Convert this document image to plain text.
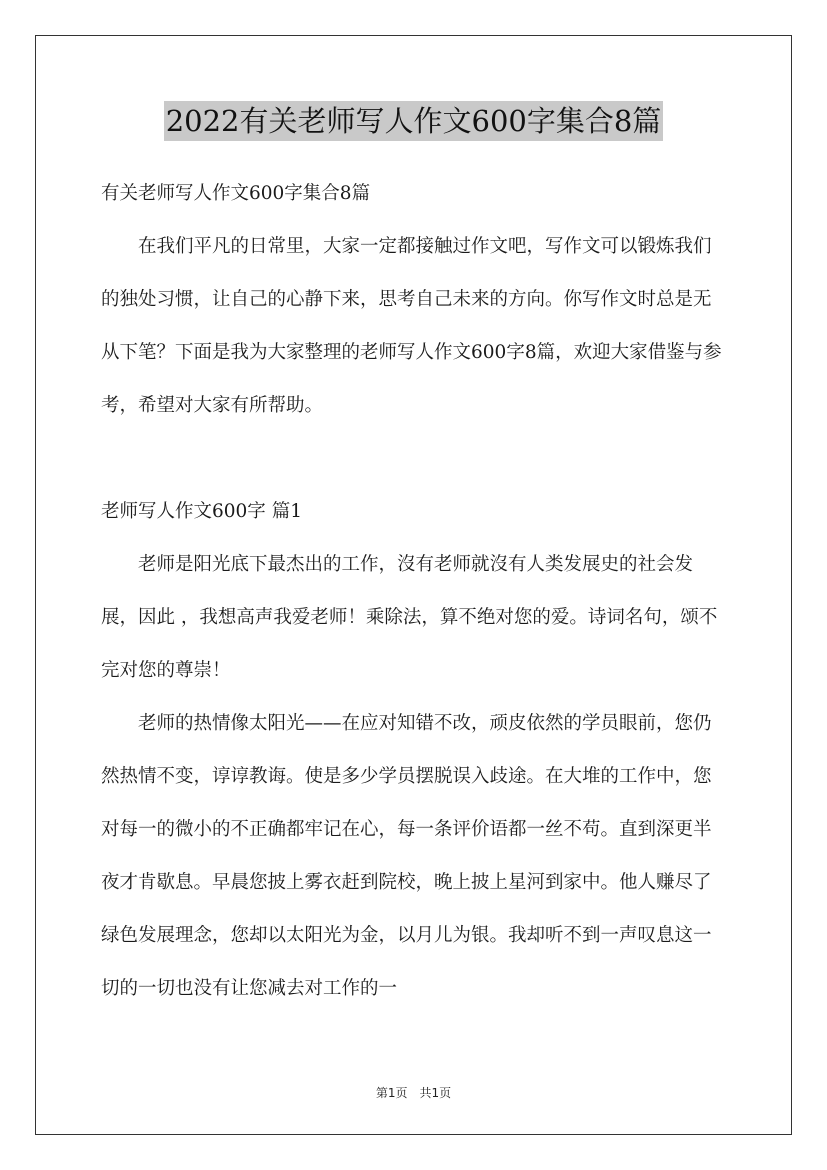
2022有关老师写人作文600字集合8篇

有关老师写人作文600字集合8篇

在我们平凡的日常里，大家一定都接触过作文吧，写作文可以锻炼我们的独处习惯，让自己的心静下来，思考自己未来的方向。你写作文时总是无从下笔？下面是我为大家整理的老师写人作文600字8篇，欢迎大家借鉴与参考，希望对大家有所帮助。

老师写人作文600字 篇1

老师是阳光底下最杰出的工作，沒有老师就沒有人类发展史的社会发展，因此 ，我想高声我爱老师！乘除法，算不绝对您的爱。诗词名句，颂不完对您的尊崇！

老师的热情像太阳光——在应对知错不改，顽皮依然的学员眼前，您仍然热情不变，谆谆教诲。使是多少学员摆脱误入歧途。在大堆的工作中，您对每一的微小的不正确都牢记在心，每一条评价语都一丝不苟。直到深更半夜才肯歇息。早晨您披上雾衣赶到院校，晚上披上星河到家中。他人赚尽了绿色发展理念，您却以太阳光为金，以月儿为银。我却听不到一声叹息这一切的一切也没有让您减去对工作的一

第1页　共1页
